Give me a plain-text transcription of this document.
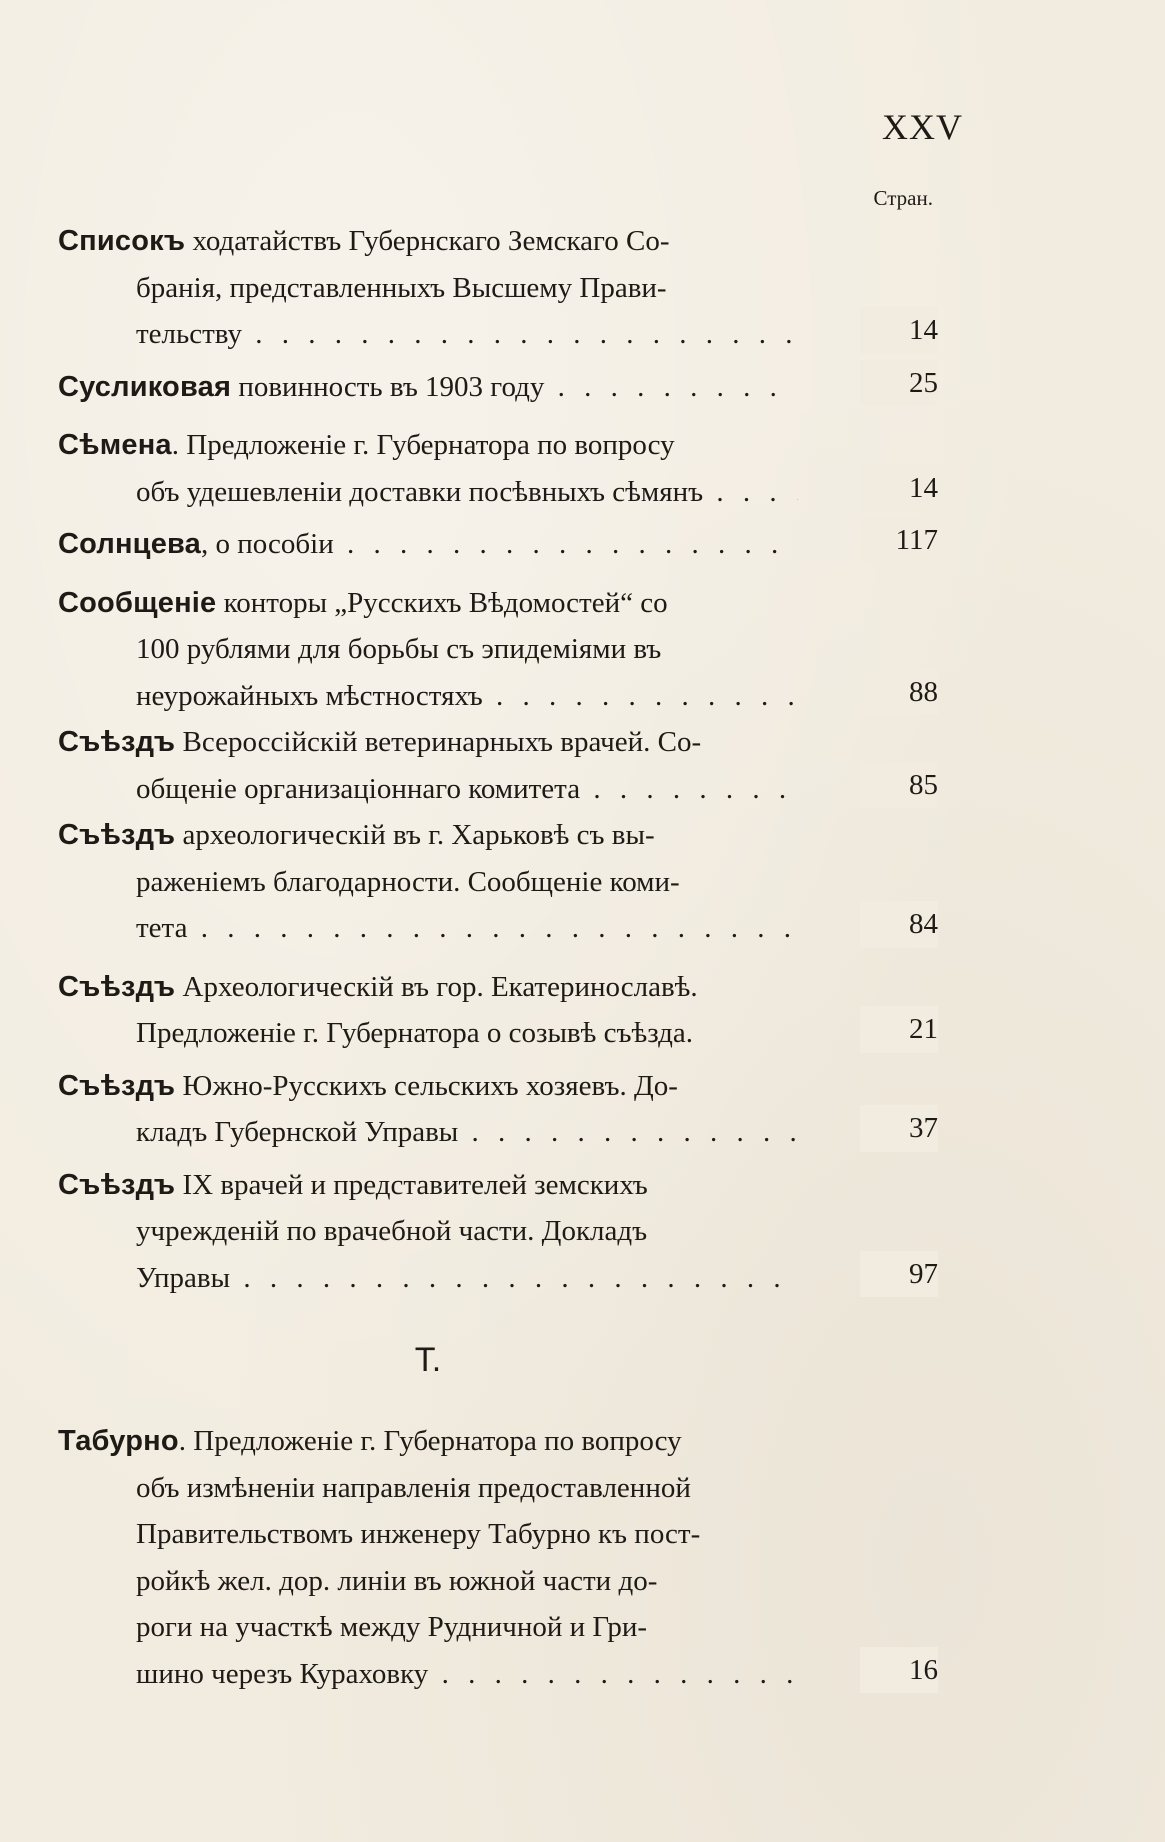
XXV
Стран.
Списокъ ходатайствъ Губернскаго Земскаго Со-
бранія, представленныхъ Высшему Прави-
тельству . . .	14
Сусликовая повинность въ 1903 году . . .	25
Сѣмена. Предложеніе г. Губернатора по вопросу
объ удешевленіи доставки посѣвныхъ сѣмянъ . . .	14
Солнцева, о пособіи . . .	117
Сообщеніе конторы „Русскихъ Вѣдомостей“ со
100 рублями для борьбы съ эпидеміями въ
неурожайныхъ мѣстностяхъ . . .	88
Съѣздъ Всероссійскій ветеринарныхъ врачей. Со-
общеніе организаціоннаго комитета . . .	85
Съѣздъ археологическій въ г. Харьковѣ съ вы-
раженіемъ благодарности. Сообщеніе коми-
тета . . .	84
Съѣздъ Археологическій въ гор. Екатеринославѣ.
Предложеніе г. Губернатора о созывѣ съѣзда.	21
Съѣздъ Южно-Русскихъ сельскихъ хозяевъ. До-
кладъ Губернской Управы . . .	37
Съѣздъ IX врачей и представителей земскихъ
учрежденій по врачебной части. Докладъ
Управы . . .	97
Т.
Табурно. Предложеніе г. Губернатора по вопросу
объ измѣненіи направленія предоставленной
Правительствомъ инженеру Табурно къ пост-
ройкѣ жел. дор. линіи въ южной части до-
роги на участкѣ между Рудничной и Гри-
шино черезъ Кураховку . . .	16
